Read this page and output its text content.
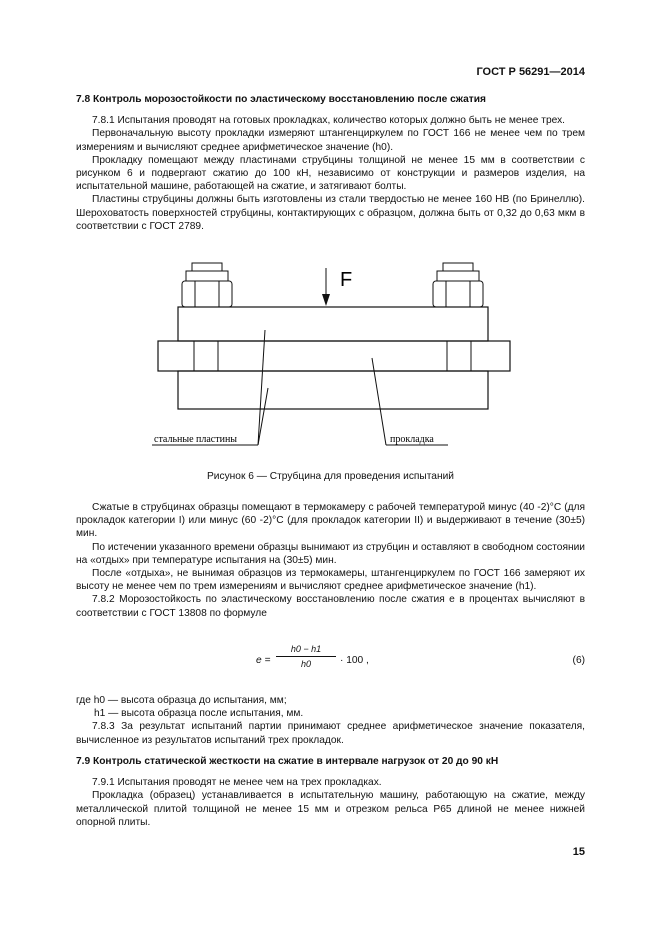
ГОСТ Р 56291—2014

7.8 Контроль морозостойкости по эластическому восстановлению после сжатия

7.8.1 Испытания проводят на готовых прокладках, количество которых должно быть не менее трех.

Первоначальную высоту прокладки измеряют штангенциркулем по ГОСТ 166 не менее чем по трем измерениям и вычисляют среднее арифметическое значение (h0).

Прокладку помещают между пластинами струбцины толщиной не менее 15 мм в соответствии с рисунком 6 и подвергают сжатию до 100 кН, независимо от конструкции и размеров изделия, на испытательной машине, работающей на сжатие, и затягивают болты.

Пластины струбцины должны быть изготовлены из стали твердостью не менее 160 НВ (по Бринеллю). Шероховатость поверхностей струбцины, контактирующих с образцом, должна быть от 0,32 до 0,63 мкм в соответствии с ГОСТ 2789.

F
стальные пластины	прокладка
Рисунок 6 — Струбцина для проведения испытаний

Сжатые в струбцинах образцы помещают в термокамеру с рабочей температурой минус (40 -2)°С (для прокладок категории I) или минус (60 -2)°С (для прокладок категории II) и выдерживают в течение (30±5) мин.

По истечении указанного времени образцы вынимают из струбцин и оставляют в свободном состоянии на «отдых» при температуре испытания на (30±5) мин.

После «отдыха», не вынимая образцов из термокамеры, штангенциркулем по ГОСТ 166 замеряют их высоту не менее чем по трем измерениям и вычисляют среднее арифметическое значение (h1).

7.8.2 Морозостойкость по эластическому восстановлению после сжатия е в процентах вычисляют в соответствии с ГОСТ 13808 по формуле

$е = \frac{h0 - h1}{h0} \cdot 100$ ,	(6)

где h0 — высота образца до испытания, мм;

h1 — высота образца после испытания, мм.

7.8.3 За результат испытаний партии принимают среднее арифметическое значение показателя, вычисленное из результатов испытаний трех прокладок.

7.9 Контроль статической жесткости на сжатие в интервале нагрузок от 20 до 90 кН

7.9.1 Испытания проводят не менее чем на трех прокладках.

Прокладка (образец) устанавливается в испытательную машину, работающую на сжатие, между металлической плитой толщиной не менее 15 мм и отрезком рельса Р65 длиной не менее нижней опорной плиты.

15
